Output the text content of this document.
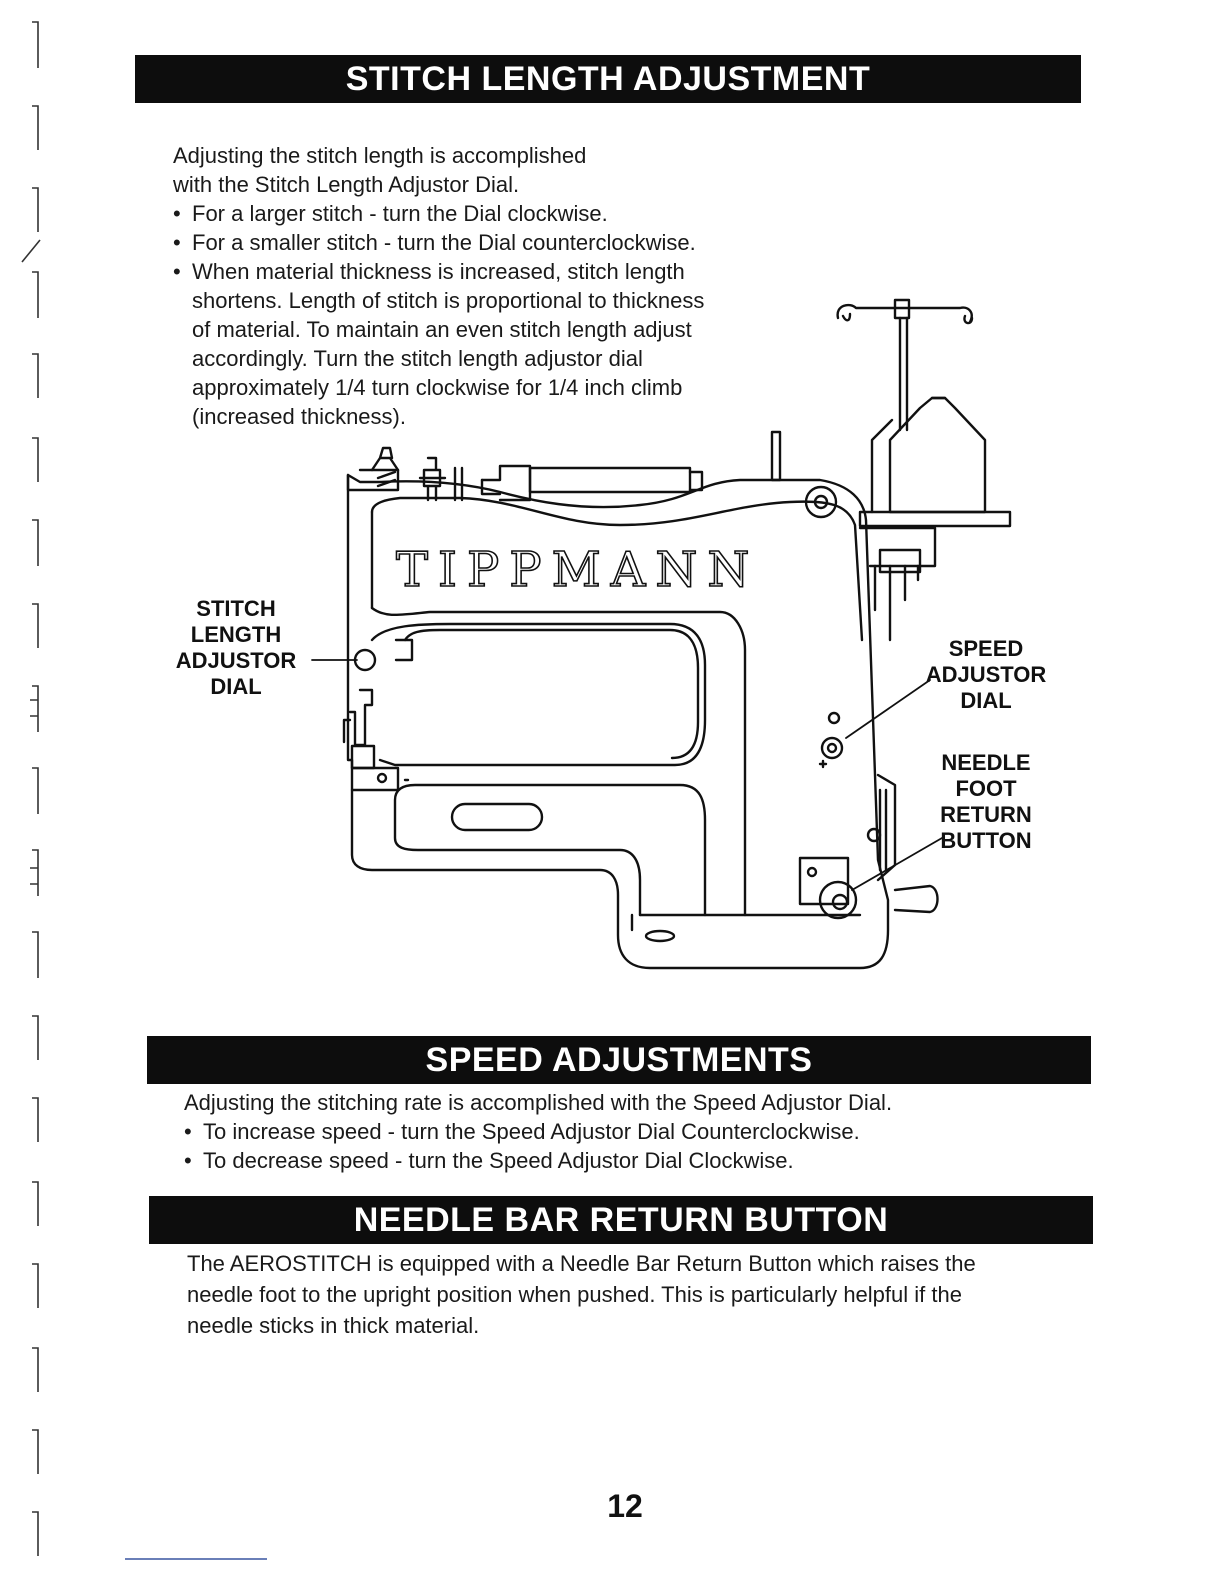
STITCH LENGTH ADJUSTMENT

Adjusting the stitch length is accomplished

with the Stitch Length Adjustor Dial.

• For a larger stitch - turn the Dial clockwise.
• For a smaller stitch - turn the Dial counterclockwise.
• When material thickness is increased, stitch length

shortens. Length of stitch is proportional to thickness

of material. To maintain an even stitch length adjust

accordingly. Turn the stitch length adjustor dial

approximately 1/4 turn clockwise for 1/4 inch climb

(increased thickness).

TIPPMANN
STITCH
LENGTH
ADJUSTOR
DIAL
SPEED
ADJUSTOR
DIAL
NEEDLE
FOOT
RETURN
BUTTON
SPEED ADJUSTMENTS

Adjusting the stitching rate is accomplished with the Speed Adjustor Dial.

• To increase speed - turn the Speed Adjustor Dial Counterclockwise.
• To decrease speed - turn the Speed Adjustor Dial Clockwise.
NEEDLE BAR RETURN BUTTON

The AEROSTITCH is equipped with a Needle Bar Return Button which raises the

needle foot to the upright position when pushed. This is particularly helpful if the

needle sticks in thick material.

12
